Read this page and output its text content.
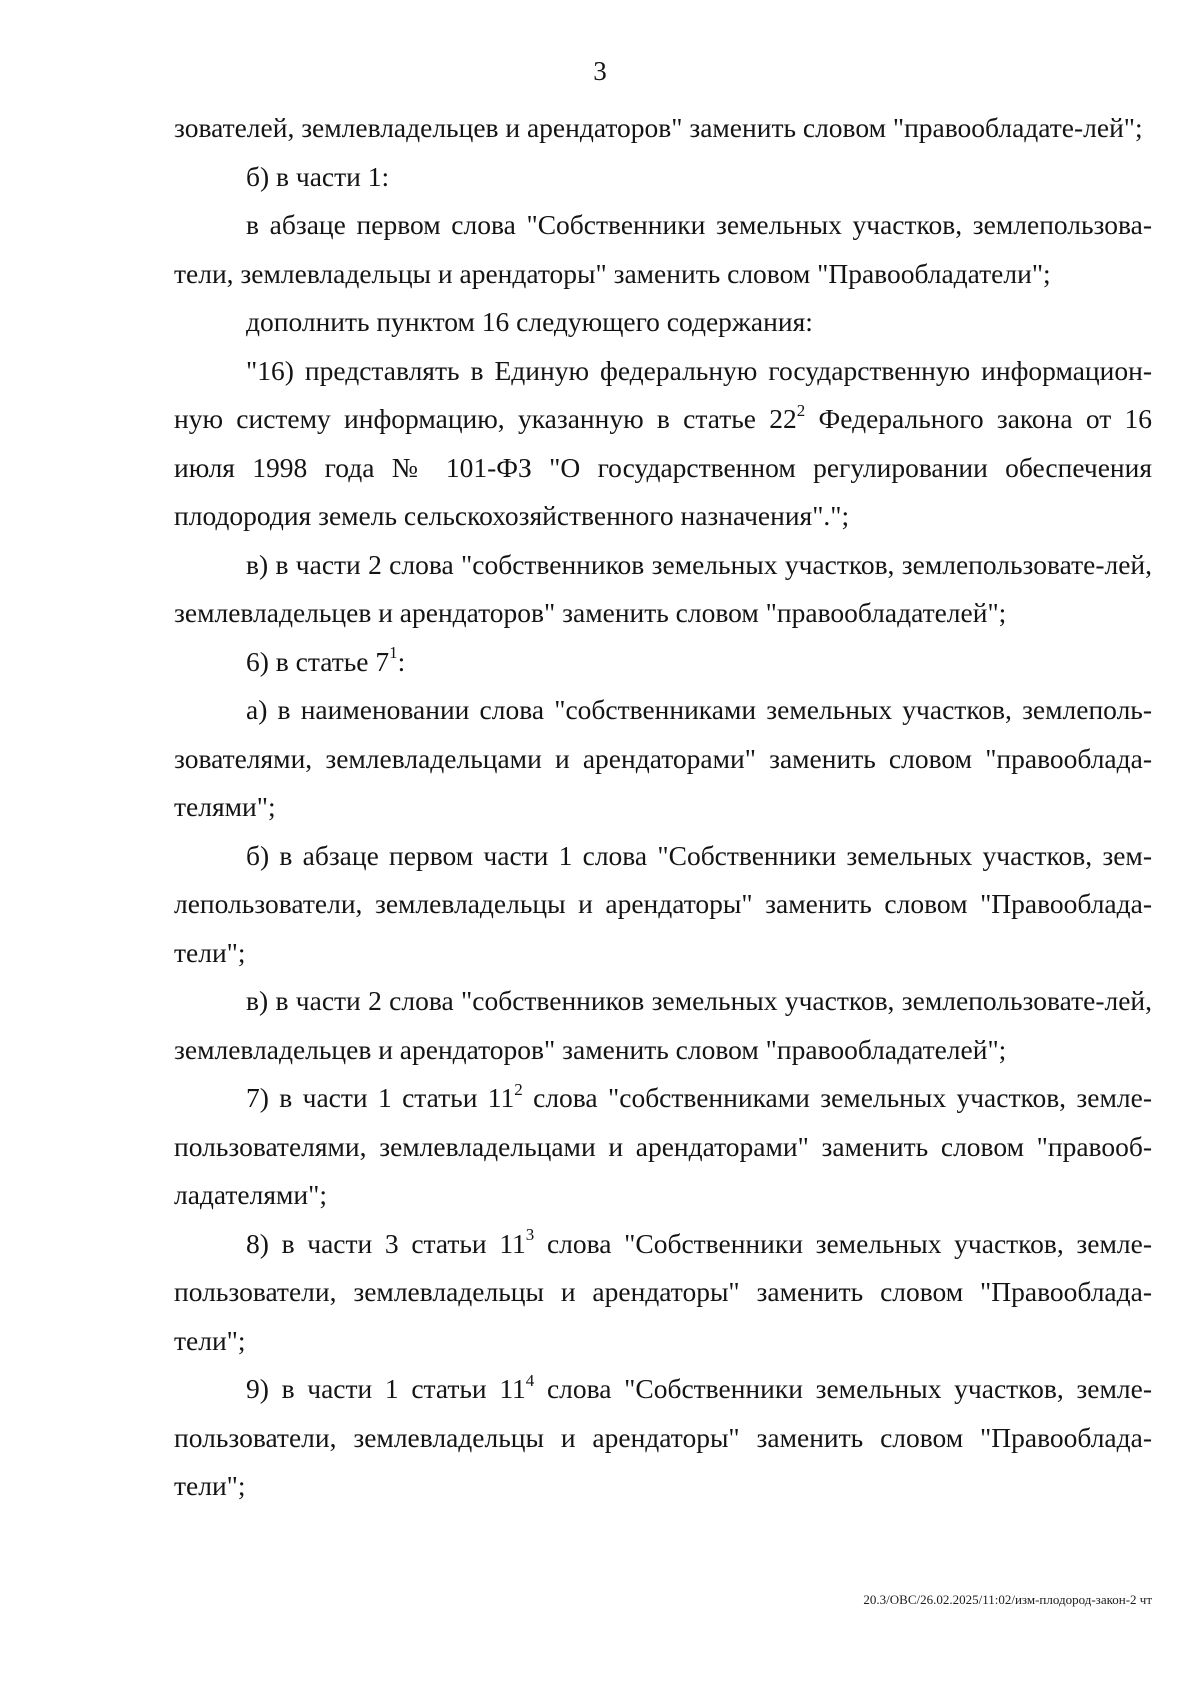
3

зователей, землевладельцев и арендаторов" заменить словом "правообладате-лей";

б) в части 1:

в абзаце первом слова "Собственники земельных участков, землепользова-тели, землевладельцы и арендаторы" заменить словом "Правообладатели";

дополнить пунктом 16 следующего содержания:

"16) представлять в Единую федеральную государственную информацион-ную систему информацию, указанную в статье $22^2$ Федерального закона от 16 июля 1998 года № 101-ФЗ "О государственном регулировании обеспечения плодородия земель сельскохозяйственного назначения".";

в) в части 2 слова "собственников земельных участков, землепользовате-лей, землевладельцев и арендаторов" заменить словом "правообладателей";

6) в статье $7^1$:

а) в наименовании слова "собственниками земельных участков, землеполь-зователями, землевладельцами и арендаторами" заменить словом "правооблада-телями";

б) в абзаце первом части 1 слова "Собственники земельных участков, зем-лепользователи, землевладельцы и арендаторы" заменить словом "Правооблада-тели";

в) в части 2 слова "собственников земельных участков, землепользовате-лей, землевладельцев и арендаторов" заменить словом "правообладателей";

7) в части 1 статьи $11^2$ слова "собственниками земельных участков, земле-пользователями, землевладельцами и арендаторами" заменить словом "правооб-ладателями";

8) в части 3 статьи $11^3$ слова "Собственники земельных участков, земле-пользователи, землевладельцы и арендаторы" заменить словом "Правооблада-тели";

9) в части 1 статьи $11^4$ слова "Собственники земельных участков, земле-пользователи, землевладельцы и арендаторы" заменить словом "Правооблада-тели";

20.3/ОВС/26.02.2025/11:02/изм-плодород-закон-2 чт
